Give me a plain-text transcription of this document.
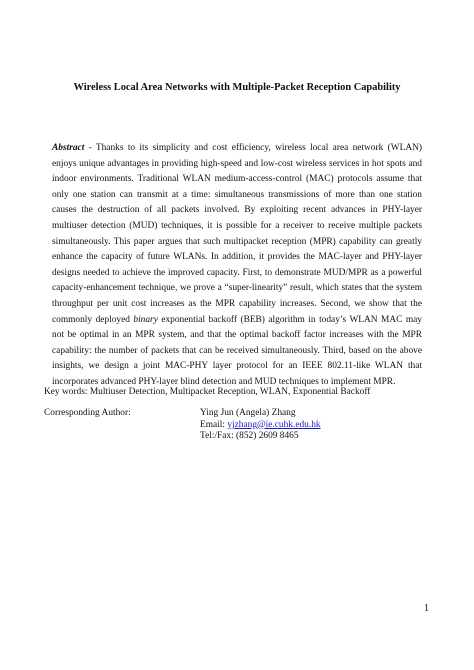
Wireless Local Area Networks with Multiple-Packet Reception Capability

Abstract - Thanks to its simplicity and cost efficiency, wireless local area network (WLAN) enjoys unique advantages in providing high-speed and low-cost wireless services in hot spots and indoor environments. Traditional WLAN medium-access-control (MAC) protocols assume that only one station can transmit at a time: simultaneous transmissions of more than one station causes the destruction of all packets involved. By exploiting recent advances in PHY-layer multiuser detection (MUD) techniques, it is possible for a receiver to receive multiple packets simultaneously. This paper argues that such multipacket reception (MPR) capability can greatly enhance the capacity of future WLANs. In addition, it provides the MAC-layer and PHY-layer designs needed to achieve the improved capacity. First, to demonstrate MUD/MPR as a powerful capacity-enhancement technique, we prove a “super-linearity” result, which states that the system throughput per unit cost increases as the MPR capability increases. Second, we show that the commonly deployed binary exponential backoff (BEB) algorithm in today’s WLAN MAC may not be optimal in an MPR system, and that the optimal backoff factor increases with the MPR capability: the number of packets that can be received simultaneously. Third, based on the above insights, we design a joint MAC-PHY layer protocol for an IEEE 802.11-like WLAN that incorporates advanced PHY-layer blind detection and MUD techniques to implement MPR.

Key words: Multiuser Detection, Multipacket Reception, WLAN, Exponential Backoff

Corresponding Author:	Ying Jun (Angela) Zhang
Email: yjzhang@ie.cuhk.edu.hk
Tel:/Fax: (852) 2609 8465
1
